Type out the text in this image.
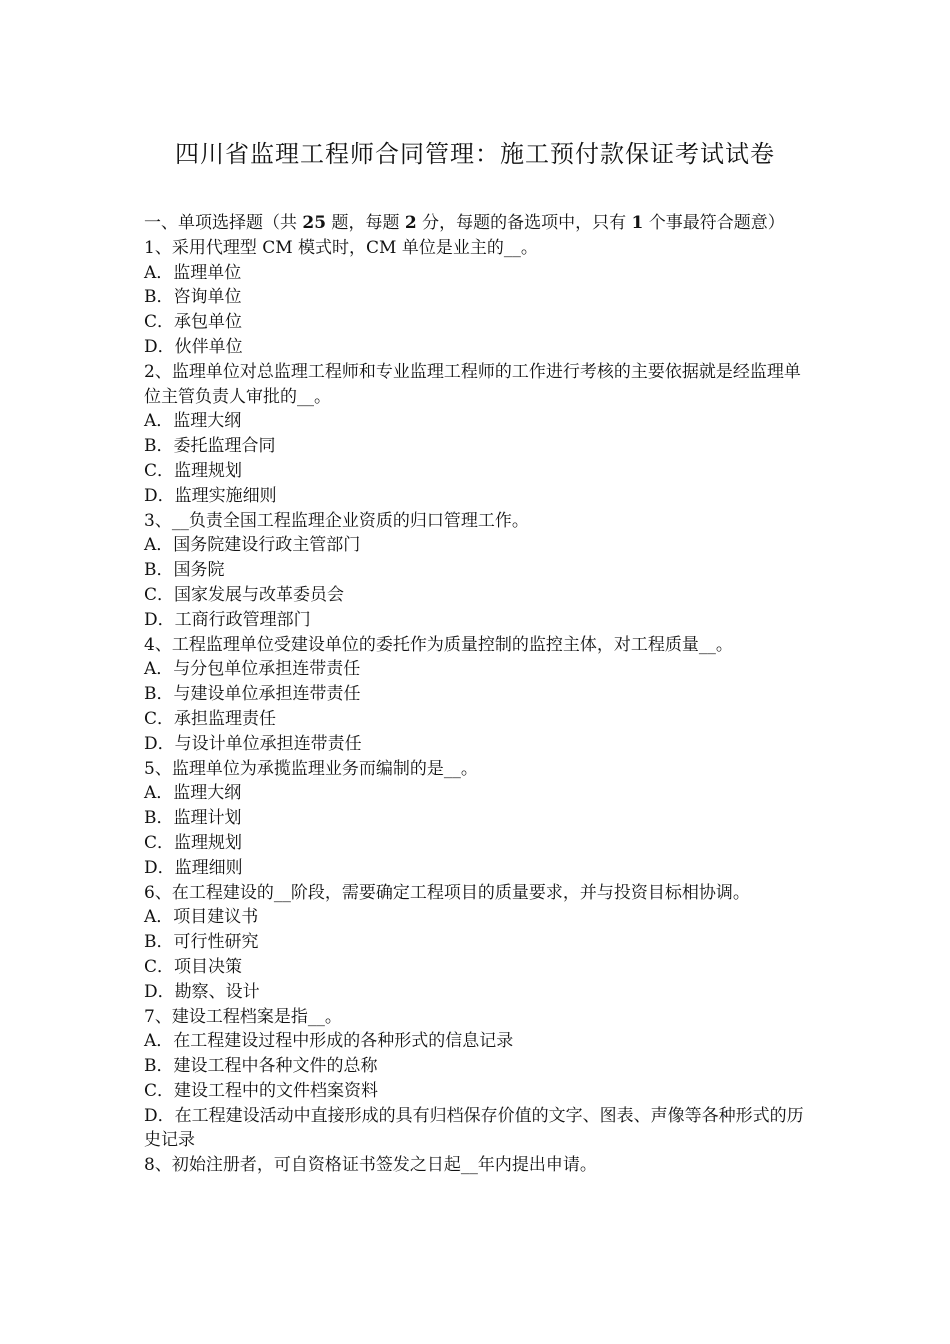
四川省监理工程师合同管理：施工预付款保证考试试卷
一、单项选择题（共 25 题，每题 2 分，每题的备选项中，只有 1 个事最符合题意）
1、采用代理型 CM 模式时，CM 单位是业主的__。
A．监理单位
B．咨询单位
C．承包单位
D．伙伴单位
2、监理单位对总监理工程师和专业监理工程师的工作进行考核的主要依据就是经监理单位主管负责人审批的__。
A．监理大纲
B．委托监理合同
C．监理规划
D．监理实施细则
3、__负责全国工程监理企业资质的归口管理工作。
A．国务院建设行政主管部门
B．国务院
C．国家发展与改革委员会
D．工商行政管理部门
4、工程监理单位受建设单位的委托作为质量控制的监控主体，对工程质量__。
A．与分包单位承担连带责任
B．与建设单位承担连带责任
C．承担监理责任
D．与设计单位承担连带责任
5、监理单位为承揽监理业务而编制的是__。
A．监理大纲
B．监理计划
C．监理规划
D．监理细则
6、在工程建设的__阶段，需要确定工程项目的质量要求，并与投资目标相协调。
A．项目建议书
B．可行性研究
C．项目决策
D．勘察、设计
7、建设工程档案是指__。
A．在工程建设过程中形成的各种形式的信息记录
B．建设工程中各种文件的总称
C．建设工程中的文件档案资料
D．在工程建设活动中直接形成的具有归档保存价值的文字、图表、声像等各种形式的历史记录
8、初始注册者，可自资格证书签发之日起__年内提出申请。
